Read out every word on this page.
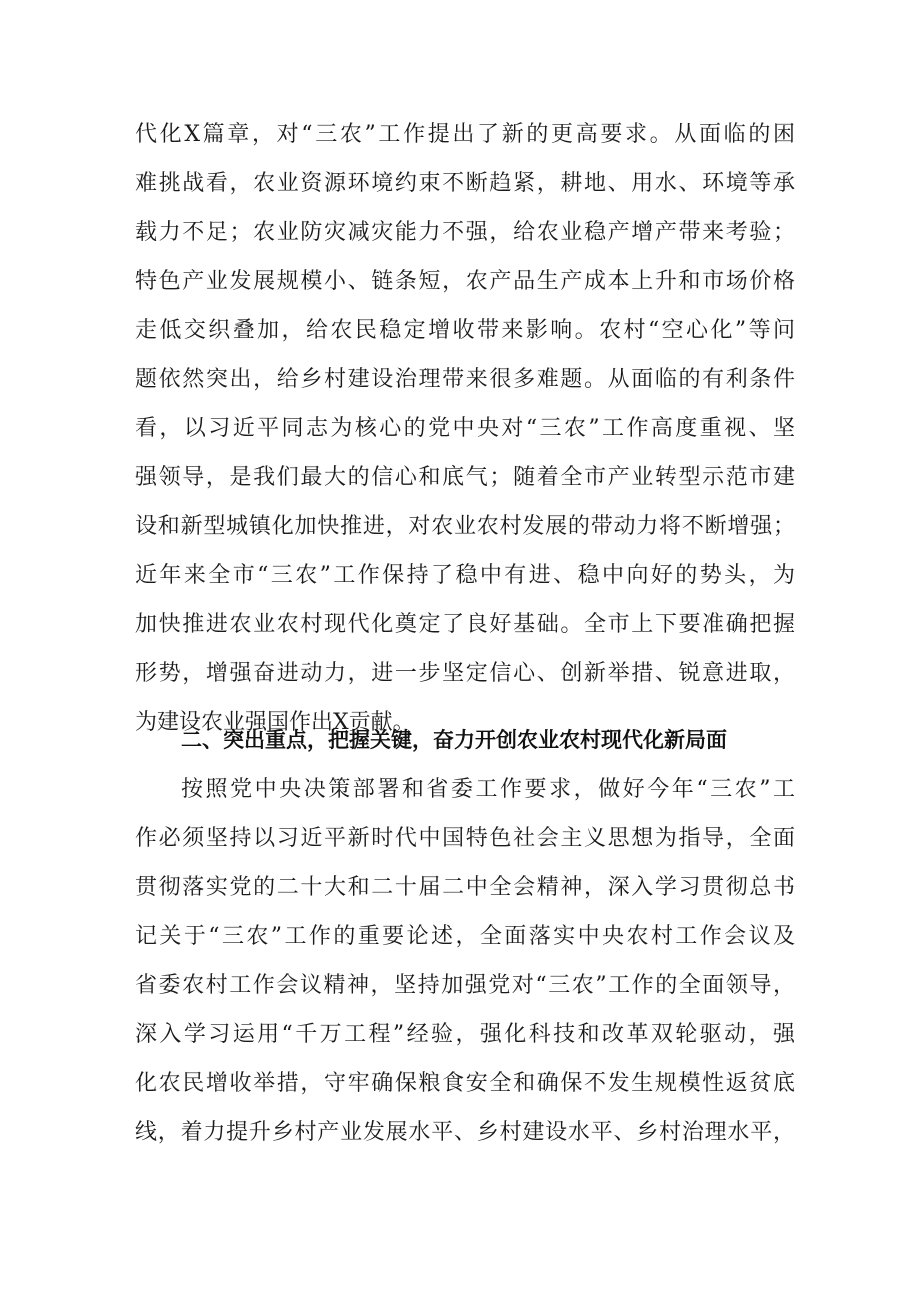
代化X篇章，对“三农”工作提出了新的更高要求。从面临的困
难挑战看，农业资源环境约束不断趋紧，耕地、用水、环境等承
载力不足；农业防灾减灾能力不强，给农业稳产增产带来考验；
特色产业发展规模小、链条短，农产品生产成本上升和市场价格
走低交织叠加，给农民稳定增收带来影响。农村“空心化”等问
题依然突出，给乡村建设治理带来很多难题。从面临的有利条件
看，以习近平同志为核心的党中央对“三农”工作高度重视、坚
强领导，是我们最大的信心和底气；随着全市产业转型示范市建
设和新型城镇化加快推进，对农业农村发展的带动力将不断增强；
近年来全市“三农”工作保持了稳中有进、稳中向好的势头，为
加快推进农业农村现代化奠定了良好基础。全市上下要准确把握
形势，增强奋进动力，进一步坚定信心、创新举措、锐意进取，
为建设农业强国作出X贡献。
二、突出重点，把握关键，奋力开创农业农村现代化新局面
按照党中央决策部署和省委工作要求，做好今年“三农”工
作必须坚持以习近平新时代中国特色社会主义思想为指导，全面
贯彻落实党的二十大和二十届二中全会精神，深入学习贯彻总书
记关于“三农”工作的重要论述，全面落实中央农村工作会议及
省委农村工作会议精神，坚持加强党对“三农”工作的全面领导，
深入学习运用“千万工程”经验，强化科技和改革双轮驱动，强
化农民增收举措，守牢确保粮食安全和确保不发生规模性返贫底
线，着力提升乡村产业发展水平、乡村建设水平、乡村治理水平，
